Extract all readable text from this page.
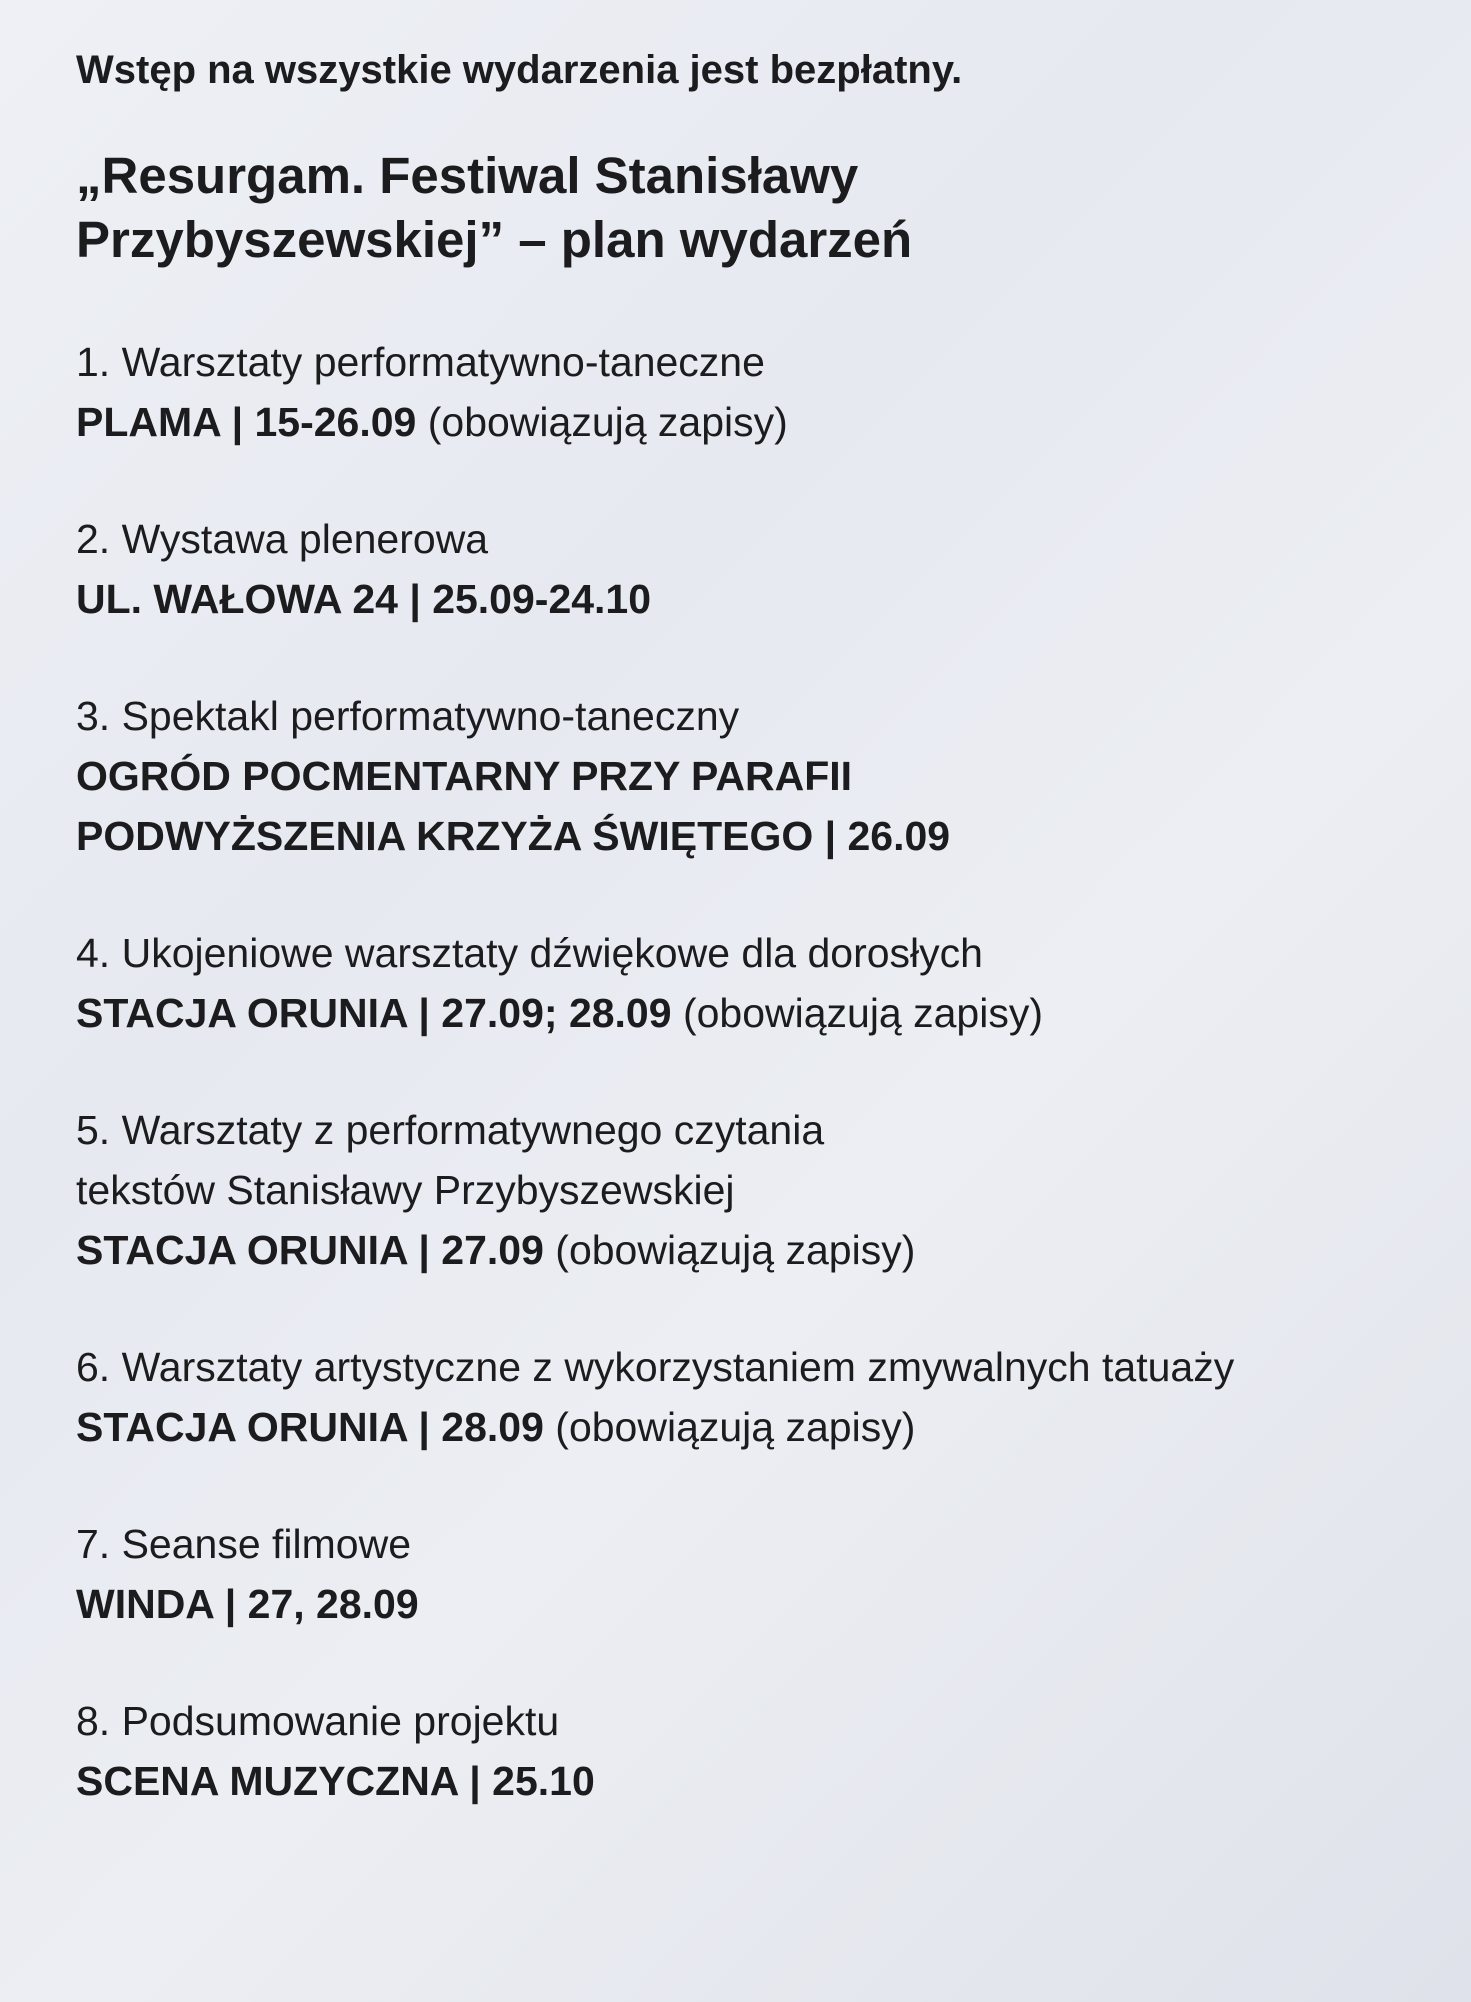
Wstęp na wszystkie wydarzenia jest bezpłatny.
„Resurgam. Festiwal Stanisławy
Przybyszewskiej” – plan wydarzeń
1. Warsztaty performatywno-taneczne
PLAMA | 15-26.09 (obowiązują zapisy)
2. Wystawa plenerowa
UL. WAŁOWA 24 | 25.09-24.10
3. Spektakl performatywno-taneczny
OGRÓD POCMENTARNY PRZY PARAFII
PODWYŻSZENIA KRZYŻA ŚWIĘTEGO | 26.09
4. Ukojeniowe warsztaty dźwiękowe dla dorosłych
STACJA ORUNIA | 27.09; 28.09 (obowiązują zapisy)
5. Warsztaty z performatywnego czytania
tekstów Stanisławy Przybyszewskiej
STACJA ORUNIA | 27.09 (obowiązują zapisy)
6. Warsztaty artystyczne z wykorzystaniem zmywalnych tatuaży
STACJA ORUNIA | 28.09 (obowiązują zapisy)
7. Seanse filmowe
WINDA | 27, 28.09
8. Podsumowanie projektu
SCENA MUZYCZNA | 25.10
